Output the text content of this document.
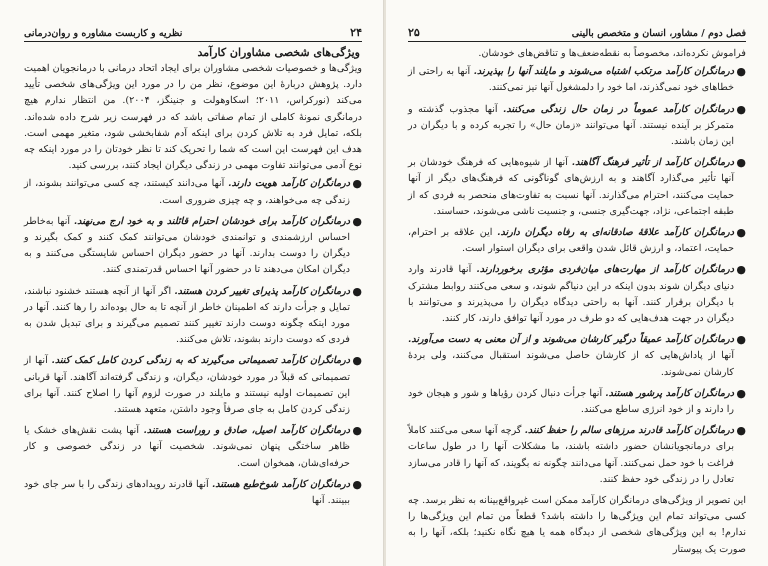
۲۴
نظریه و کاربست مشاوره و روان‌درمانی
ویژگی‌های شخصی مشاوران کارآمد

ویژگی‌ها و خصوصیات شخصی مشاوران برای ایجاد اتحاد درمانی با درمانجویان اهمیت دارد. پژوهش دربارهٔ این موضوع، نظر من را در مورد این ویژگی‌های شخصی تأیید می‌کند (نورکراس، ۲۰۱۱؛ اسکاوهولت و جنینگز، ۲۰۰۴). من انتظار ندارم هیچ درمانگری نمونهٔ کاملی از تمام صفاتی باشد که در فهرست زیر شرح داده شده‌اند. بلکه، تمایل فرد به تلاش کردن برای اینکه آدم شفابخشی شود، متغیر مهمی است. هدف این فهرست این است که شما را تحریک کند تا نظر خودتان را در مورد اینکه چه نوع آدمی می‌توانند تفاوت مهمی در زندگی دیگران ایجاد کنند، بررسی کنید.

●
درمانگران کارآمد هویت دارند. آنها می‌دانند کیستند، چه کسی می‌توانند بشوند، از زندگی چه می‌خواهند، و چه چیزی ضروری است.
●
درمانگران کارآمد برای خودشان احترام قائلند و به خود ارج می‌نهند. آنها به‌خاطر احساس ارزشمندی و توانمندی خودشان می‌توانند کمک کنند و کمک بگیرند و دیگران را دوست بدارند. آنها در حضور دیگران احساس شایستگی می‌کنند و به دیگران امکان می‌دهند تا در حضور آنها احساس قدرتمندی کنند.
●
درمانگران کارآمد پذیرای تغییر کردن هستند. اگر آنها از آنچه هستند خشنود نباشند، تمایل و جرأت دارند که اطمینان خاطر از آنچه تا به حال بوده‌اند را رها کنند. آنها در مورد اینکه چگونه دوست دارند تغییر کنند تصمیم می‌گیرند و برای تبدیل شدن به فردی که دوست دارند بشوند، تلاش می‌کنند.
●
درمانگران کارآمد تصمیماتی می‌گیرند که به زندگی کردن کامل کمک کنند. آنها از تصمیماتی که قبلاً در مورد خودشان، دیگران، و زندگی گرفته‌اند آگاهند. آنها قربانی این تصمیمات اولیه نیستند و مایلند در صورت لزوم آنها را اصلاح کنند. آنها برای زندگی کردن کامل به جای صرفاً وجود داشتن، متعهد هستند.
●
درمانگران کارآمد اصیل، صادق و روراست هستند. آنها پشت نقش‌های خشک یا ظاهر ساختگی پنهان نمی‌شوند. شخصیت آنها در زندگی خصوصی و کار حرفه‌ای‌شان، همخوان است.
●
درمانگران کارآمد شوخ‌طبع هستند. آنها قادرند رویدادهای زندگی را با سر جای خود ببینند. آنها
فصل دوم / مشاور، انسان و متخصص بالینی
۲۵

فراموش نکرده‌اند، مخصوصاً به نقطه‌ضعف‌ها و تناقض‌های خودشان.

●
درمانگران کارآمد مرتکب اشتباه می‌شوند و مایلند آنها را بپذیرند. آنها به راحتی از خطاهای خود نمی‌گذرند، اما خود را دلمشغول آنها نیز نمی‌کنند.
●
درمانگران کارآمد عموماً در زمان حال زندگی می‌کنند. آنها مجذوب گذشته و متمرکز بر آینده نیستند. آنها می‌توانند «زمان حال» را تجربه کرده و با دیگران در این زمان باشند.
●
درمانگران کارآمد از تأثیر فرهنگ آگاهند. آنها از شیوه‌هایی که فرهنگ خودشان بر آنها تأثیر می‌گذارد آگاهند و به ارزش‌های گوناگونی که فرهنگ‌های دیگر از آنها حمایت می‌کنند، احترام می‌گذارند. آنها نسبت به تفاوت‌های منحصر به فردی که از طبقه اجتماعی، نژاد، جهت‌گیری جنسی، و جنسیت ناشی می‌شوند، حساسند.
●
درمانگران کارآمد علاقهٔ صادقانه‌ای به رفاه دیگران دارند. این علاقه بر احترام، حمایت، اعتماد، و ارزش قائل شدن واقعی برای دیگران استوار است.
●
درمانگران کارآمد از مهارت‌های میان‌فردی مؤثری برخوردارند. آنها قادرند وارد دنیای دیگران شوند بدون اینکه در این دنیاگم شوند، و سعی می‌کنند روابط مشترک با دیگران برقرار کنند. آنها به راحتی دیدگاه دیگران را می‌پذیرند و می‌توانند با دیگران در جهت هدف‌هایی که دو طرف در مورد آنها توافق دارند، کار کنند.
●
درمانگران کارآمد عمیقاً درگیر کارشان می‌شوند و از آن معنی به دست می‌آورند. آنها از پاداش‌هایی که از کارشان حاصل می‌شوند استقبال می‌کنند، ولی بردهٔ کارشان نمی‌شوند.
●
درمانگران کارآمد پرشور هستند. آنها جرأت دنبال کردن رؤیاها و شور و هیجان خود را دارند و از خود انرژی ساطع می‌کنند.
●
درمانگران کارآمد قادرند مرزهای سالم را حفظ کنند. گرچه آنها سعی می‌کنند کاملاً برای درمانجویانشان حضور داشته باشند، ما مشکلات آنها را در طول ساعات فراغت با خود حمل نمی‌کنند. آنها می‌دانند چگونه نه بگویند، که آنها را قادر می‌سازد تعادل را در زندگی خود حفظ کنند.

این تصویر از ویژگی‌های درمانگران کارآمد ممکن است غیرواقع‌بینانه به نظر برسد. چه کسی می‌تواند تمام این ویژگی‌ها را داشته باشد؟ قطعاً من تمام این ویژگی‌ها را ندارم! به این ویژگی‌های شخصی از دیدگاه همه یا هیچ نگاه نکنید؛ بلکه، آنها را به صورت یک پیوستار
